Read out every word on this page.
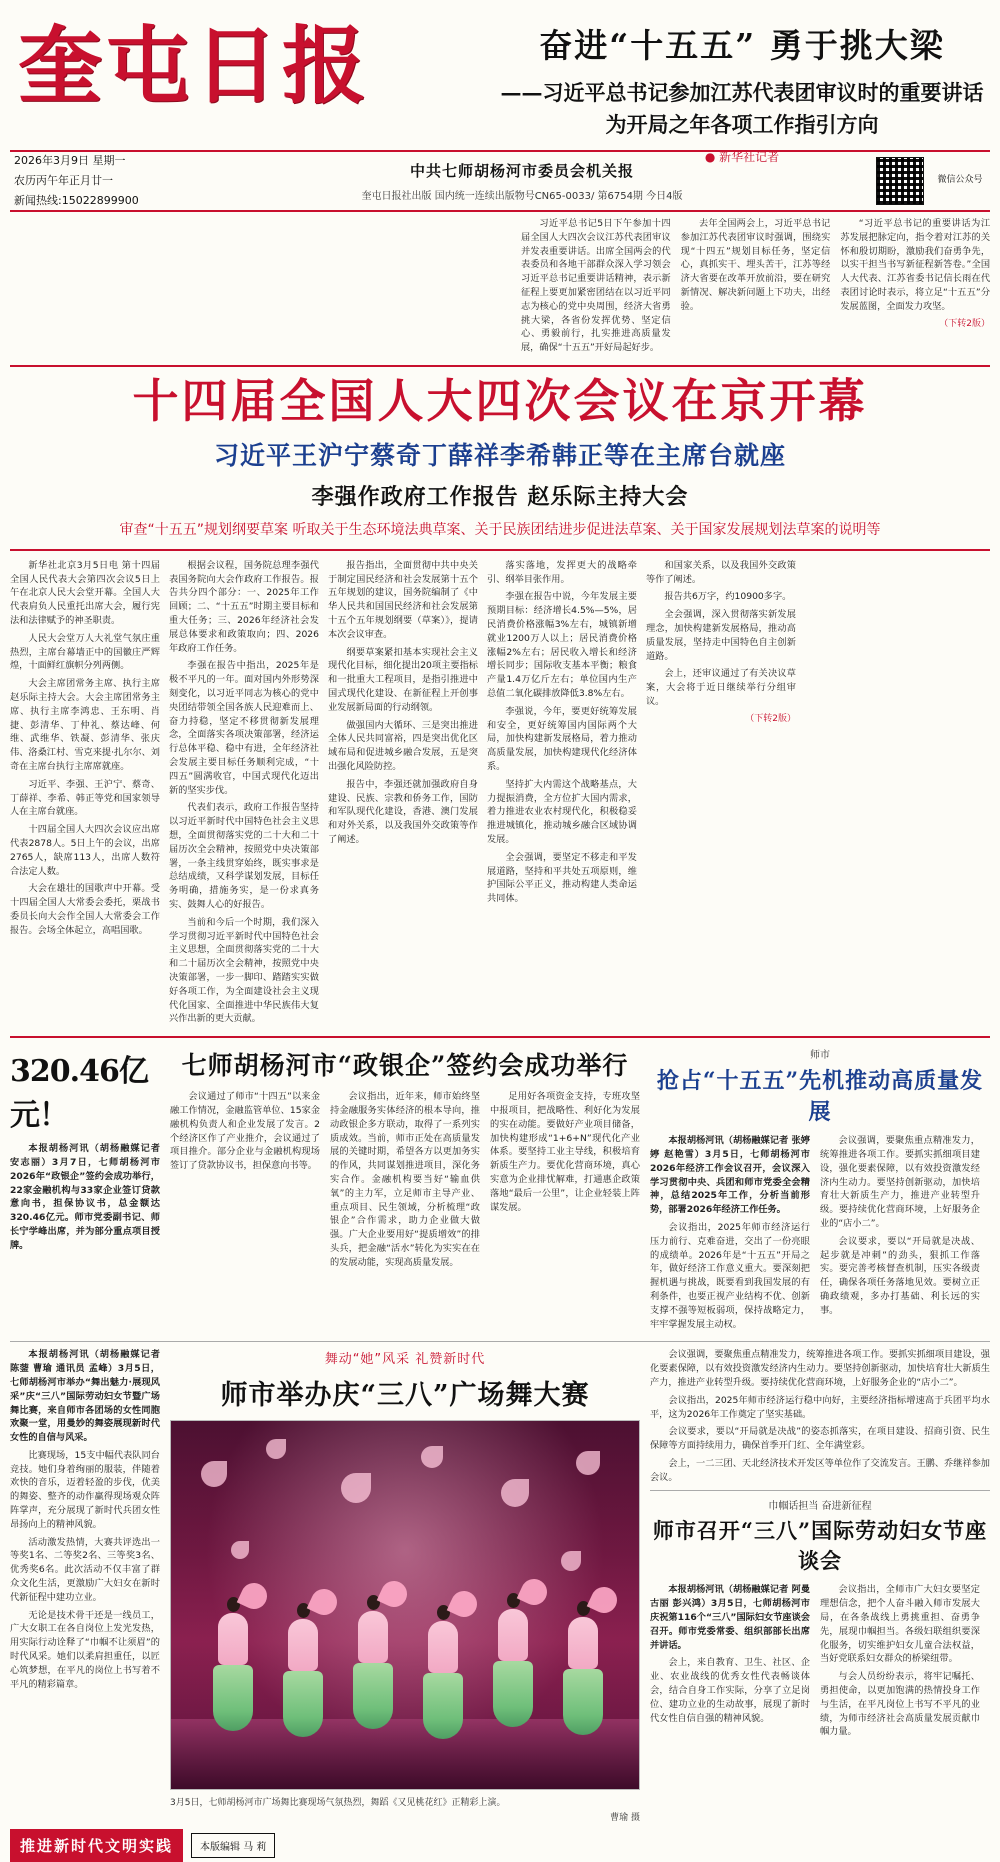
奎屯日报	奋进“十五五” 勇于挑大梁
——习近平总书记参加江苏代表团审议时的重要讲话为开局之年各项工作指引方向
● 新华社记者
2026年3月9日 星期一
农历丙午年正月廿一
新闻热线:15022899900
中共七师胡杨河市委员会机关报
奎屯日报社出版 国内统一连续出版物号CN65-0033/ 第6754期 今日4版
微信公众号

习近平总书记5日下午参加十四届全国人大四次会议江苏代表团审议并发表重要讲话。出席全国两会的代表委员和各地干部群众深入学习领会习近平总书记重要讲话精神，表示新征程上要更加紧密团结在以习近平同志为核心的党中央周围，经济大省勇挑大梁，各省份发挥优势、坚定信心、勇毅前行，扎实推进高质量发展，确保“十五五”开好局起好步。

去年全国两会上，习近平总书记参加江苏代表团审议时强调，围绕实现“十四五”规划目标任务，坚定信心，真抓实干、埋头苦干，江苏等经济大省要在改革开放前沿，要在研究新情况、解决新问题上下功夫，出经验。

“习近平总书记的重要讲话为江苏发展把脉定向，指令着对江苏的关怀和殷切期盼，激励我们奋勇争先，以实干担当书写新征程新答卷。”全国人大代表、江苏省委书记信长雨在代表团讨论时表示，将立足“十五五”分发展蓝图，全面发力攻坚。

（下转2版）
十四届全国人大四次会议在京开幕
习近平王沪宁蔡奇丁薛祥李希韩正等在主席台就座
李强作政府工作报告 赵乐际主持大会
审查“十五五”规划纲要草案 听取关于生态环境法典草案、关于民族团结进步促进法草案、关于国家发展规划法草案的说明等

新华社北京3月5日电 第十四届全国人民代表大会第四次会议5日上午在北京人民大会堂开幕。全国人大代表肩负人民重托出席大会，履行宪法和法律赋予的神圣职责。

人民大会堂万人大礼堂气氛庄重热烈，主席台幕墙正中的国徽庄严辉煌，十面鲜红旗帜分列两侧。

大会主席团常务主席、执行主席赵乐际主持大会。大会主席团常务主席、执行主席李鸿忠、王东明、肖捷、彭清华、丁仲礼、蔡达峰、何维、武维华、铁凝、彭清华、张庆伟、洛桑江村、雪克来提·扎尔尔、刘奇在主席台执行主席席就座。

习近平、李强、王沪宁、蔡奇、丁薛祥、李希、韩正等党和国家领导人在主席台就座。

十四届全国人大四次会议应出席代表2878人。5日上午的会议，出席2765人，缺席113人，出席人数符合法定人数。

大会在雄壮的国歌声中开幕。受十四届全国人大常委会委托，栗战书委员长向大会作全国人大常委会工作报告。会场全体起立，高唱国歌。

根据会议程，国务院总理李强代表国务院向大会作政府工作报告。报告共分四个部分：一、2025年工作回顾；二、“十五五”时期主要目标和重大任务；三、2026年经济社会发展总体要求和政策取向；四、2026年政府工作任务。

李强在报告中指出，2025年是极不平凡的一年。面对国内外形势深刻变化，以习近平同志为核心的党中央团结带领全国各族人民迎难而上、奋力持稳，坚定不移贯彻新发展理念，全面落实各项决策部署，经济运行总体平稳、稳中有进，全年经济社会发展主要目标任务顺利完成，“十四五”圆满收官，中国式现代化迈出新的坚实步伐。

代表们表示，政府工作报告坚持以习近平新时代中国特色社会主义思想，全面贯彻落实党的二十大和二十届历次全会精神，按照党中央决策部署，一条主线贯穿始终，既实事求是总结成绩，又科学谋划发展，目标任务明确，措施务实，是一份求真务实、鼓舞人心的好报告。

当前和今后一个时期，我们深入学习贯彻习近平新时代中国特色社会主义思想，全面贯彻落实党的二十大和二十届历次全会精神，按照党中央决策部署，一步一脚印、踏踏实实做好各项工作，为全面建设社会主义现代化国家、全面推进中华民族伟大复兴作出新的更大贡献。

报告指出，全面贯彻中共中央关于制定国民经济和社会发展第十五个五年规划的建议，国务院编制了《中华人民共和国国民经济和社会发展第十五个五年规划纲要（草案）》，提请本次会议审查。

纲要草案紧扣基本实现社会主义现代化目标，细化提出20项主要指标和一批重大工程项目，是指引推进中国式现代化建设、在新征程上开创事业发展新局面的行动纲领。

做强国内大循环、三是突出推进全体人民共同富裕，四是突出优化区域布局和促进城乡融合发展，五是突出强化风险防控。

报告中，李强还就加强政府自身建设、民族、宗教和侨务工作，国防和军队现代化建设，香港、澳门发展和对外关系，以及我国外交政策等作了阐述。

落实落地，发挥更大的战略牵引、纲举目张作用。

李强在报告中说，今年发展主要预期目标：经济增长4.5%—5%，居民消费价格涨幅3%左右，城镇新增就业1200万人以上；居民消费价格涨幅2%左右；居民收入增长和经济增长同步；国际收支基本平衡；粮食产量1.4万亿斤左右；单位国内生产总值二氧化碳排放降低3.8%左右。

李强说，今年，要更好统筹发展和安全，更好统筹国内国际两个大局，加快构建新发展格局，着力推动高质量发展，加快构建现代化经济体系。

坚持扩大内需这个战略基点，大力提振消费，全方位扩大国内需求，着力推进农业农村现代化，积极稳妥推进城镇化，推动城乡融合区域协调发展。

全会强调，要坚定不移走和平发展道路，坚持和平共处五项原则，维护国际公平正义，推动构建人类命运共同体。

和国家关系，以及我国外交政策等作了阐述。

报告共6万字，约10900多字。

全会强调，深入贯彻落实新发展理念，加快构建新发展格局，推动高质量发展，坚持走中国特色自主创新道路。

会上，还审议通过了有关决议草案，大会将于近日继续举行分组审议。

（下转2版）
320.46亿元！

本报胡杨河讯（胡杨融媒记者 安志丽）3月7日，七师胡杨河市2026年“政银企”签约会成功举行，22家金融机构与33家企业签订贷款意向书，担保协议书，总金额达320.46亿元。师市党委副书记、师长宁学峰出席，并为部分重点项目授牌。

七师胡杨河市“政银企”签约会成功举行

会议通过了师市“十四五”以来金融工作情况，金融监管单位、15家金融机构负责人和企业发展了发言。2个经济区作了产业推介，会议通过了项目推介。部分企业与金融机构现场签订了贷款协议书，担保意向书等。

会议指出，近年来，师市始终坚持金融服务实体经济的根本导向，推动政银企多方联动，取得了一系列实质成效。当前，师市正处在高质量发展的关键时期，希望各方以更加务实的作风，共同谋划推进项目，深化务实合作。金融机构要当好“输血供氧”的主力军，立足师市主导产业、重点项目、民生领域，分析梳理“政银企”合作需求，助力企业做大做强。广大企业要用好“提质增效”的排头兵，把金融“活水”转化为实实在在的发展动能，实现高质量发展。

足用好各项资金支持，专班攻坚中报项目，把战略性、利好化为发展的实在动能。要做好产业项目储备，加快构建形成“1+6+N”现代化产业体系。要坚持工业主导线，积极培育新质生产力。要优化营商环境，真心实意为企业排忧解难，打通惠企政策落地“最后一公里”，让企业轻装上阵谋发展。

师市
抢占“十五五”先机推动高质量发展

本报胡杨河讯（胡杨融媒记者 张婷婷 赵艳雪）3月5日，七师胡杨河市2026年经济工作会议召开，会议深入学习贯彻中央、兵团和师市党委全会精神，总结2025年工作，分析当前形势，部署2026年经济工作任务。

会议指出，2025年师市经济运行压力前行、克难奋进，交出了一份亮眼的成绩单。2026年是“十五五”开局之年，做好经济工作意义重大。要深刻把握机遇与挑战，既要看到我国发展的有利条件，也要正视产业结构不优、创新支撑不强等短板弱项，保持战略定力，牢牢掌握发展主动权。

会议强调，要聚焦重点精准发力，统筹推进各项工作。要抓实抓细项目建设，强化要素保障，以有效投资激发经济内生动力。要坚持创新驱动，加快培育壮大新质生产力，推进产业转型升级。要持续优化营商环境，上好服务企业的“店小二”。

会议要求，要以“开局就是决战、起步就是冲刺”的劲头，狠抓工作落实。要完善考核督查机制，压实各级责任，确保各项任务落地见效。要树立正确政绩观，多办打基础、利长远的实事。

本报胡杨河讯（胡杨融媒记者 陈蓥 曹瑜 通讯员 孟峰）3月5日，七师胡杨河市举办“舞出魅力·展现风采”庆“三八”国际劳动妇女节暨广场舞比赛，来自师市各团场的女性同胞欢聚一堂，用曼妙的舞姿展现新时代女性的自信与风采。

比赛现场，15支中幅代表队同台竞技。她们身着绚丽的服装，伴随着欢快的音乐，迈着轻盈的步伐，优美的舞姿、整齐的动作赢得现场观众阵阵掌声，充分展现了新时代兵团女性昂扬向上的精神风貌。

活动激发热情，大赛共评选出一等奖1名、二等奖2名、三等奖3名、优秀奖6名。此次活动不仅丰富了群众文化生活，更激励广大妇女在新时代新征程中建功立业。

无论是技术骨干还是一线员工，广大女职工在各自岗位上发光发热，用实际行动诠释了“巾帼不让须眉”的时代风采。她们以柔肩担重任，以匠心筑梦想，在平凡的岗位上书写着不平凡的精彩篇章。

舞动“她”风采 礼赞新时代
师市举办庆“三八”广场舞大赛
3月5日，七师胡杨河市广场舞比赛现场气氛热烈，舞蹈《又见桃花红》正精彩上演。
曹瑜 摄

会议强调，要聚焦重点精准发力，统筹推进各项工作。要抓实抓细项目建设，强化要素保障，以有效投资激发经济内生动力。要坚持创新驱动，加快培育壮大新质生产力，推进产业转型升级。要持续优化营商环境，上好服务企业的“店小二”。

会议指出，2025年师市经济运行稳中向好，主要经济指标增速高于兵团平均水平，这为2026年工作奠定了坚实基础。

会议要求，要以“开局就是决战”的姿态抓落实，在项目建设、招商引资、民生保障等方面持续用力，确保首季开门红、全年满堂彩。

会上，一二三团、天北经济技术开发区等单位作了交流发言。王鹏、乔继祥参加会议。

巾帼话担当 奋进新征程
师市召开“三八”国际劳动妇女节座谈会

本报胡杨河讯（胡杨融媒记者 阿曼古丽 彭兴鸿）3月5日，七师胡杨河市庆祝第116个“三八”国际妇女节座谈会召开。师市党委常委、组织部部长出席并讲话。

会上，来自教育、卫生、社区、企业、农业战线的优秀女性代表畅谈体会，结合自身工作实际，分享了立足岗位、建功立业的生动故事，展现了新时代女性自信自强的精神风貌。

会议指出，全师市广大妇女要坚定理想信念，把个人奋斗融入师市发展大局，在各条战线上勇挑重担、奋勇争先，展现巾帼担当。各级妇联组织要深化服务，切实维护妇女儿童合法权益，当好党联系妇女群众的桥梁纽带。

与会人员纷纷表示，将牢记嘱托、勇担使命，以更加饱满的热情投身工作与生活，在平凡岗位上书写不平凡的业绩，为师市经济社会高质量发展贡献巾帼力量。

推进新时代文明实践	本版编辑 马 莉
